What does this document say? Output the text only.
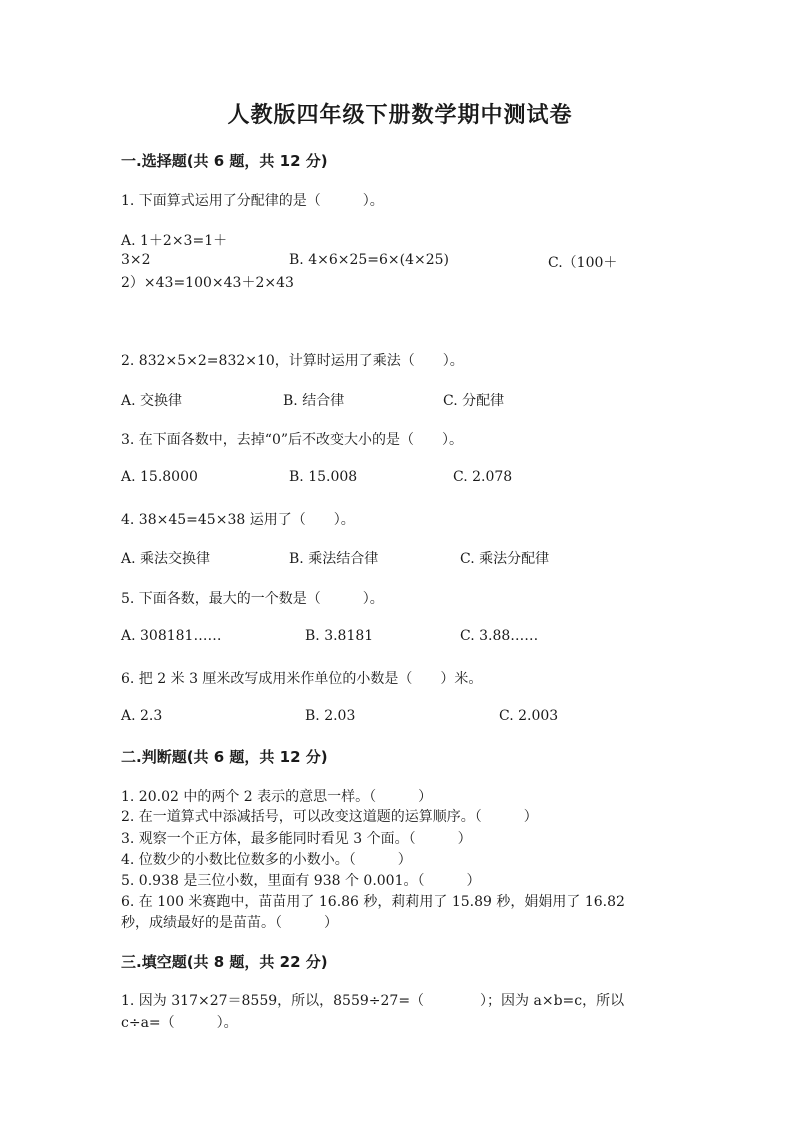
人教版四年级下册数学期中测试卷
一.选择题(共 6 题，共 12 分)
1. 下面算式运用了分配律的是（　　　）。
A. 1＋2×3=1＋
3×2	B. 4×6×25=6×(4×25)	C.（100＋
2）×43=100×43＋2×43
2. 832×5×2=832×10，计算时运用了乘法（　　）。
A. 交换律	B. 结合律	C. 分配律
3. 在下面各数中，去掉“0”后不改变大小的是（　　）。
A. 15.8000	B. 15.008	C. 2.078
4. 38×45=45×38 运用了（　　）。
A. 乘法交换律	B. 乘法结合律	C. 乘法分配律
5. 下面各数，最大的一个数是（　　　）。
A. 308181……	B. 3.8181	C. 3.88……
6. 把 2 米 3 厘米改写成用米作单位的小数是（　　）米。
A. 2.3	B. 2.03	C. 2.003
二.判断题(共 6 题，共 12 分)
1. 20.02 中的两个 2 表示的意思一样。（　　　）
2. 在一道算式中添减括号，可以改变这道题的运算顺序。（　　　）
3. 观察一个正方体，最多能同时看见 3 个面。（　　　）
4. 位数少的小数比位数多的小数小。（　　　）
5. 0.938 是三位小数，里面有 938 个 0.001。（　　　）
6. 在 100 米赛跑中，苗苗用了 16.86 秒，莉莉用了 15.89 秒，娟娟用了 16.82
秒，成绩最好的是苗苗。（　　　）
三.填空题(共 8 题，共 22 分)
1. 因为 317×27＝8559，所以，8559÷27=（　　　　）；因为 a×b=c，所以
c÷a=（　　　）。
